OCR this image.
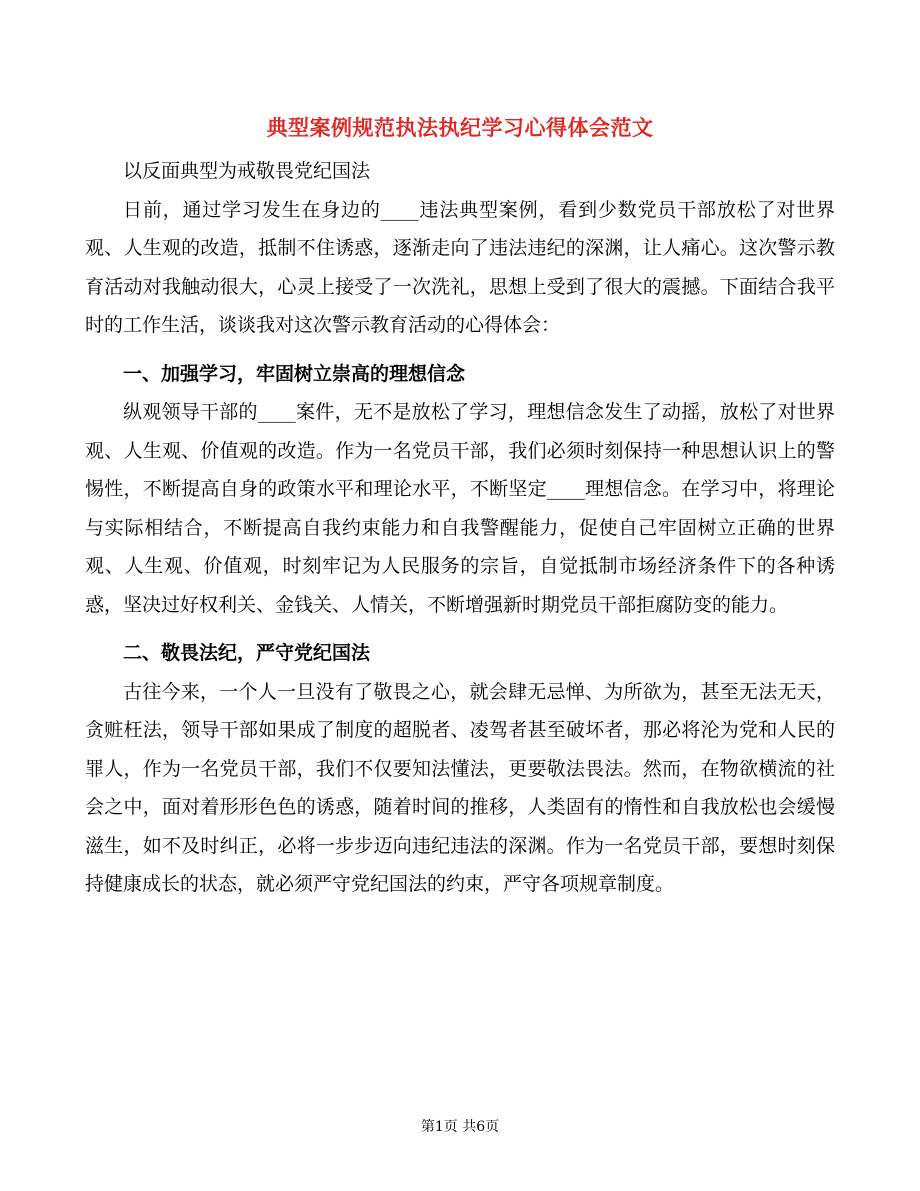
典型案例规范执法执纪学习心得体会范文

以反面典型为戒敬畏党纪国法

日前，通过学习发生在身边的____违法典型案例，看到少数党员干部放松了对世界观、人生观的改造，抵制不住诱惑，逐渐走向了违法违纪的深渊，让人痛心。这次警示教育活动对我触动很大，心灵上接受了一次洗礼，思想上受到了很大的震撼。下面结合我平时的工作生活，谈谈我对这次警示教育活动的心得体会：

一、加强学习，牢固树立崇高的理想信念

纵观领导干部的____案件，无不是放松了学习，理想信念发生了动摇，放松了对世界观、人生观、价值观的改造。作为一名党员干部，我们必须时刻保持一种思想认识上的警惕性，不断提高自身的政策水平和理论水平，不断坚定____理想信念。在学习中，将理论与实际相结合，不断提高自我约束能力和自我警醒能力，促使自己牢固树立正确的世界观、人生观、价值观，时刻牢记为人民服务的宗旨，自觉抵制市场经济条件下的各种诱惑，坚决过好权利关、金钱关、人情关，不断增强新时期党员干部拒腐防变的能力。

二、敬畏法纪，严守党纪国法

古往今来，一个人一旦没有了敬畏之心，就会肆无忌惮、为所欲为，甚至无法无天，贪赃枉法，领导干部如果成了制度的超脱者、凌驾者甚至破坏者，那必将沦为党和人民的罪人，作为一名党员干部，我们不仅要知法懂法，更要敬法畏法。然而，在物欲横流的社会之中，面对着形形色色的诱惑，随着时间的推移，人类固有的惰性和自我放松也会缓慢滋生，如不及时纠正，必将一步步迈向违纪违法的深渊。作为一名党员干部，要想时刻保持健康成长的状态，就必须严守党纪国法的约束，严守各项规章制度。

第1页 共6页
